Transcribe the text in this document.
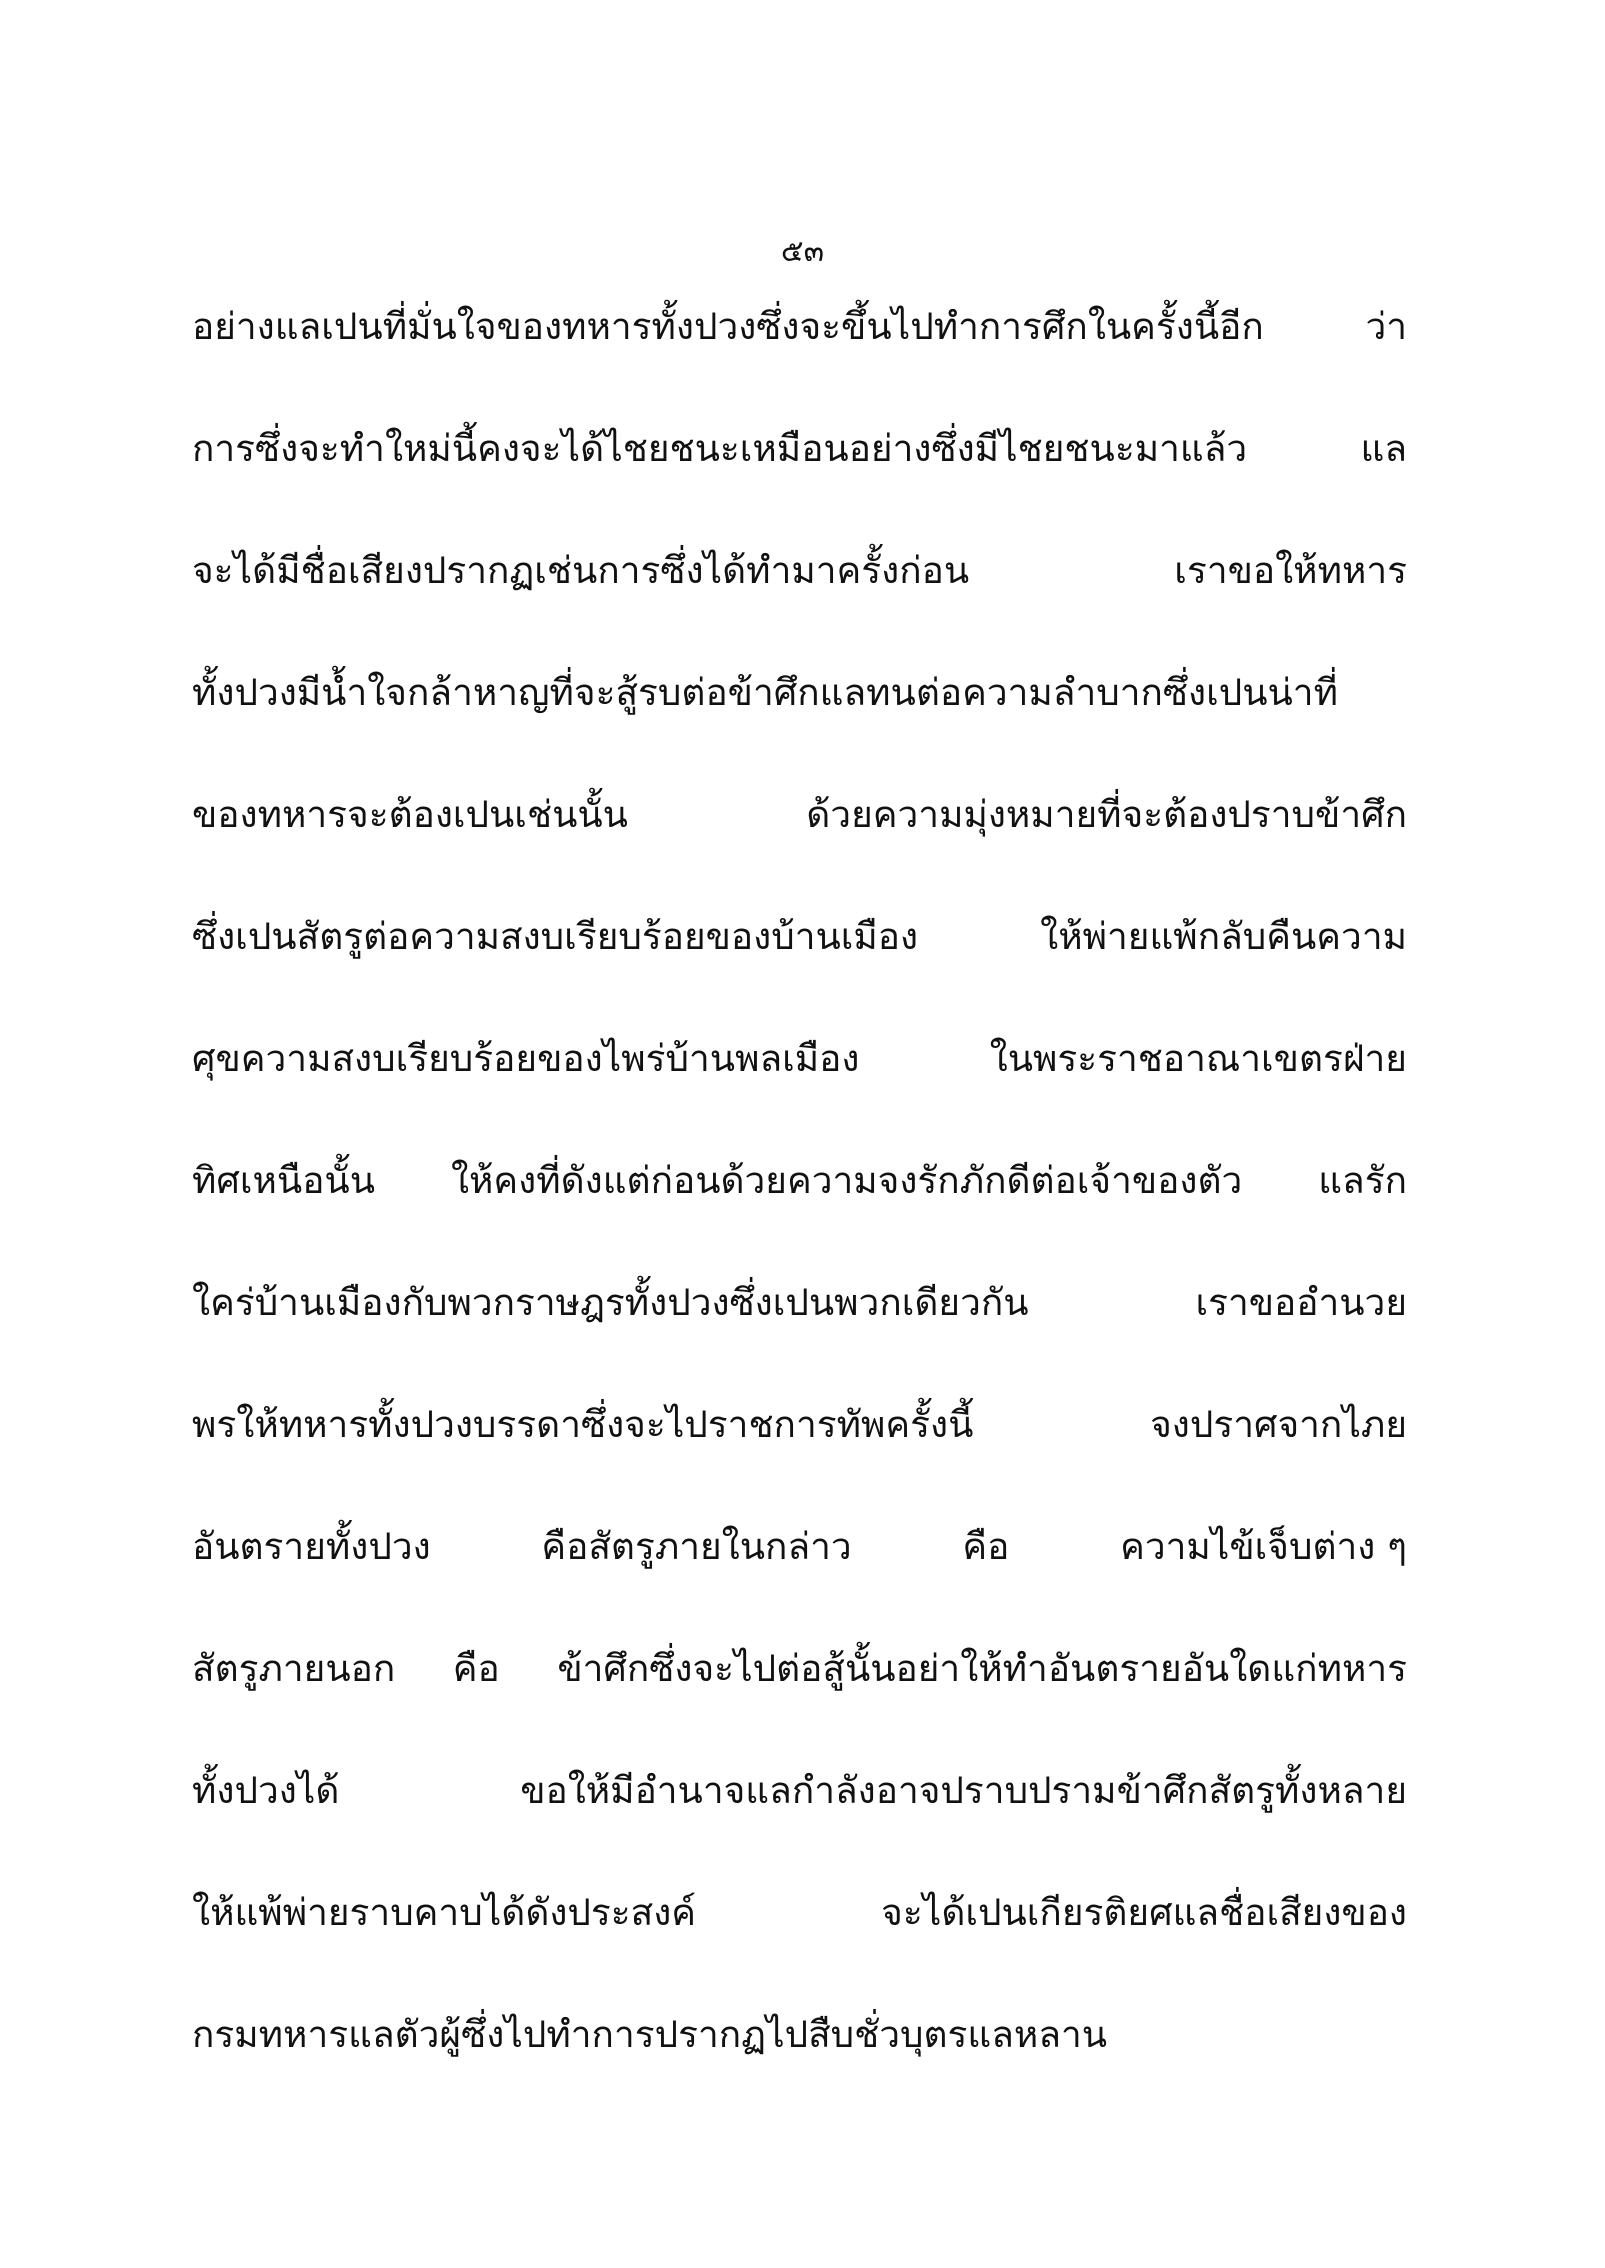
๕๓
อย่างแลเปนที่มั่นใจของทหารทั้งปวงซึ่งจะขึ้นไปทำการศึกในครั้งนี้อีก	ว่า
การซึ่งจะทำใหม่นี้คงจะได้ไชยชนะเหมือนอย่างซึ่งมีไชยชนะมาแล้ว	แล
จะได้มีชื่อเสียงปรากฏเช่นการซึ่งได้ทำมาครั้งก่อน	เราขอให้ทหาร
ทั้งปวงมีน้ำใจกล้าหาญที่จะสู้รบต่อข้าศึกแลทนต่อความลำบากซึ่งเปนน่าที่
ของทหารจะต้องเปนเช่นนั้น	ด้วยความมุ่งหมายที่จะต้องปราบข้าศึก
ซึ่งเปนสัตรูต่อความสงบเรียบร้อยของบ้านเมือง	ให้พ่ายแพ้กลับคืนความ
ศุขความสงบเรียบร้อยของไพร่บ้านพลเมือง	ในพระราชอาณาเขตรฝ่าย
ทิศเหนือนั้น ให้คงที่ดังแต่ก่อนด้วยความจงรักภักดีต่อเจ้าของตัว แลรัก
ใคร่บ้านเมืองกับพวกราษฎรทั้งปวงซึ่งเปนพวกเดียวกัน	เราขออำนวย
พรให้ทหารทั้งปวงบรรดาซึ่งจะไปราชการทัพครั้งนี้	จงปราศจากไภย
อันตรายทั้งปวง	คือสัตรูภายในกล่าว	คือ	ความไข้เจ็บต่าง ๆ
สัตรูภายนอก คือ ข้าศึกซึ่งจะไปต่อสู้นั้นอย่าให้ทำอันตรายอันใดแก่ทหาร
ทั้งปวงได้	ขอให้มีอำนาจแลกำลังอาจปราบปรามข้าศึกสัตรูทั้งหลาย
ให้แพ้พ่ายราบคาบได้ดังประสงค์	จะได้เปนเกียรติยศแลชื่อเสียงของ
กรมทหารแลตัวผู้ซึ่งไปทำการปรากฏไปสืบชั่วบุตรแลหลาน
